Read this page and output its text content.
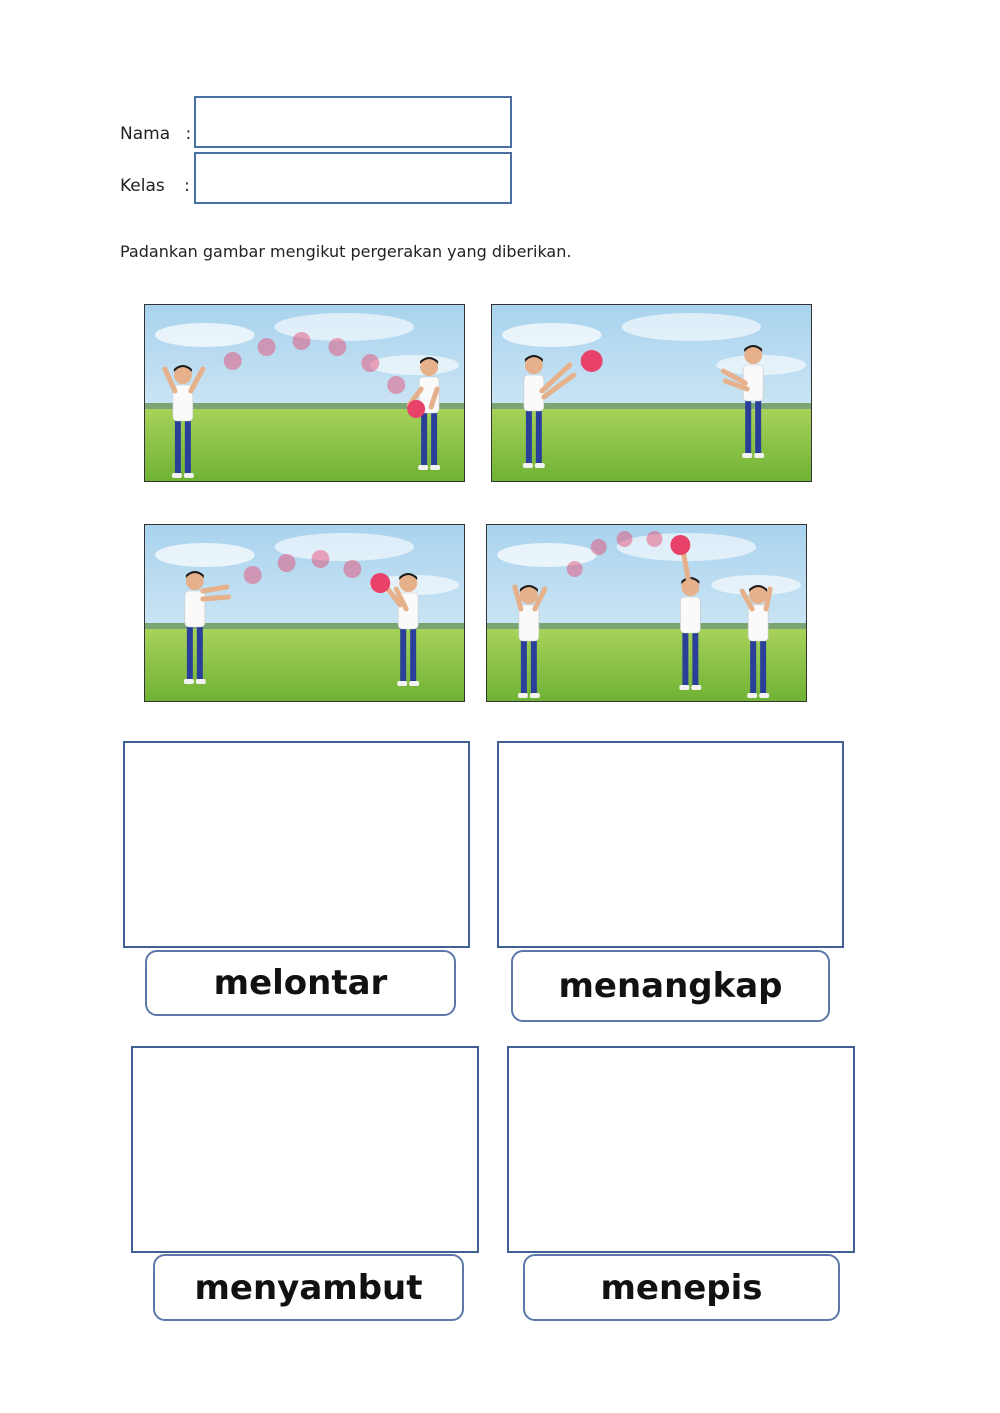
Nama :
Kelas :
Padankan gambar mengikut pergerakan yang diberikan.
melontar	menangkap
menyambut	menepis
